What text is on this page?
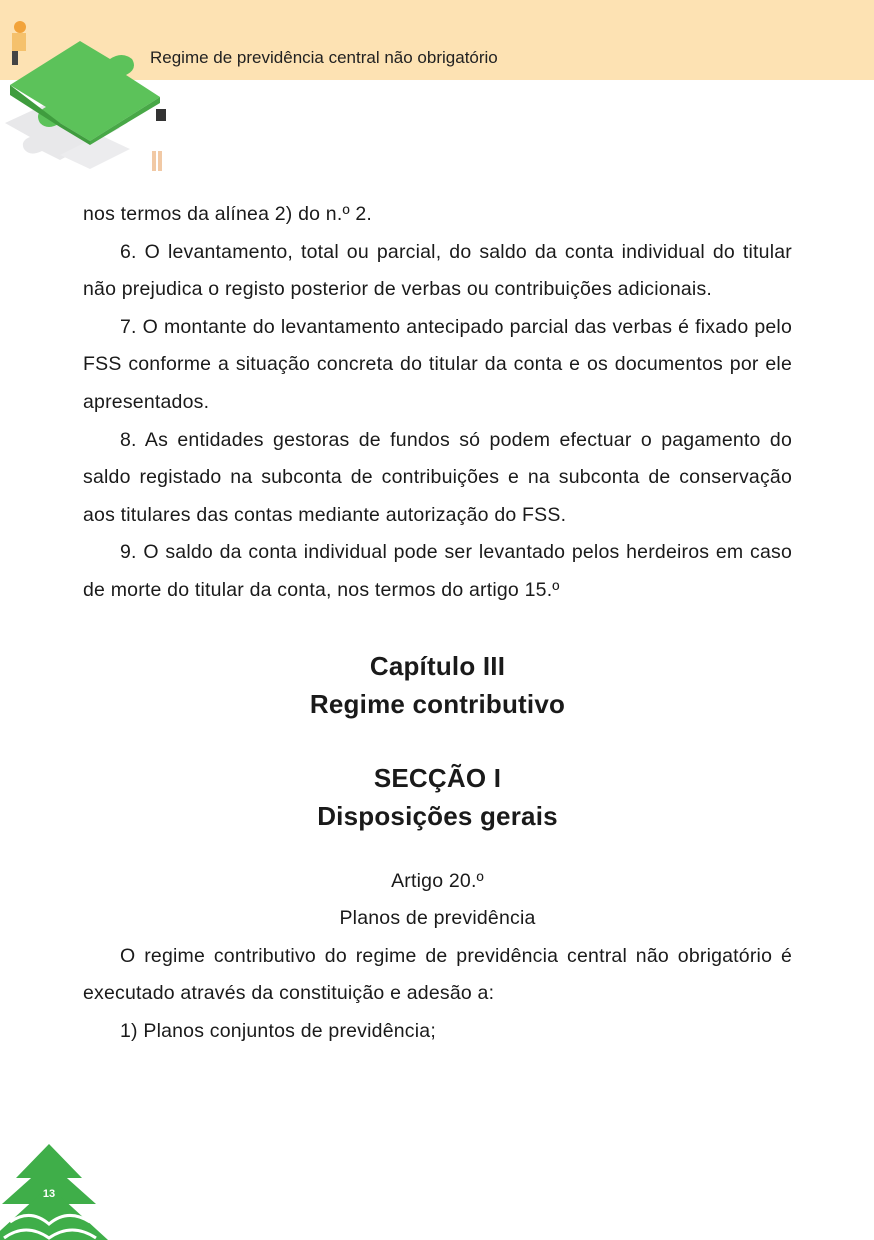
Regime de previdência central não obrigatório

nos termos da alínea 2) do n.º 2.

6. O levantamento, total ou parcial, do saldo da conta individual do titular não prejudica o registo posterior de verbas ou contribuições adicionais.

7. O montante do levantamento antecipado parcial das verbas é fixado pelo FSS conforme a situação concreta do titular da conta e os documentos por ele apresentados.

8. As entidades gestoras de fundos só podem efectuar o pagamento do saldo registado na subconta de contribuições e na subconta de conservação aos titulares das contas mediante autorização do FSS.

9. O saldo da conta individual pode ser levantado pelos herdeiros em caso de morte do titular da conta, nos termos do artigo 15.º

Capítulo III

Regime contributivo

SECÇÃO I

Disposições gerais

Artigo 20.º

Planos de previdência

O regime contributivo do regime de previdência central não obrigatório é executado através da constituição e adesão a:

1) Planos conjuntos de previdência;

13
